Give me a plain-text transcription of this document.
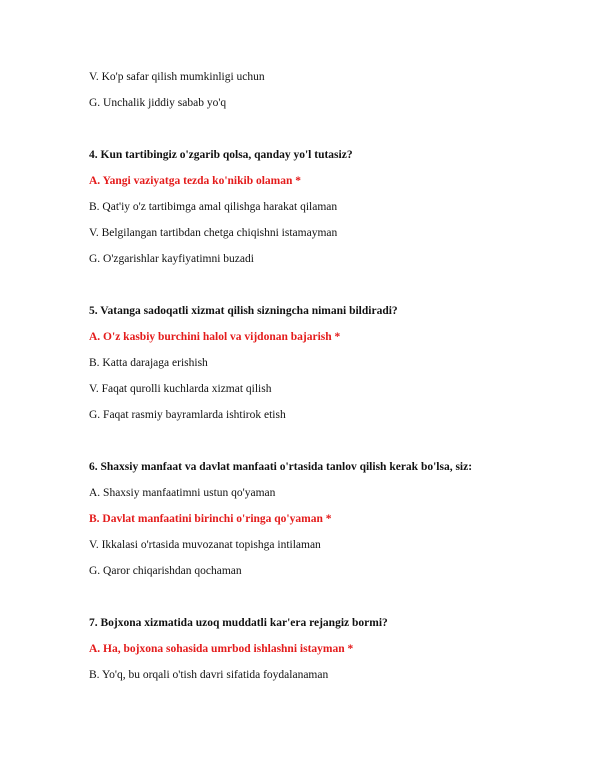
V. Ko'p safar qilish mumkinligi uchun
G. Unchalik jiddiy sabab yo'q
4. Kun tartibingiz o'zgarib qolsa, qanday yo'l tutasiz?
A. Yangi vaziyatga tezda ko'nikib olaman *
B. Qat'iy o'z tartibimga amal qilishga harakat qilaman
V. Belgilangan tartibdan chetga chiqishni istamayman
G. O'zgarishlar kayfiyatimni buzadi
5. Vatanga sadoqatli xizmat qilish sizningcha nimani bildiradi?
A. O'z kasbiy burchini halol va vijdonan bajarish *
B. Katta darajaga erishish
V. Faqat qurolli kuchlarda xizmat qilish
G. Faqat rasmiy bayramlarda ishtirok etish
6. Shaxsiy manfaat va davlat manfaati o'rtasida tanlov qilish kerak bo'lsa, siz:
A. Shaxsiy manfaatimni ustun qo'yaman
B. Davlat manfaatini birinchi o'ringa qo'yaman *
V. Ikkalasi o'rtasida muvozanat topishga intilaman
G. Qaror chiqarishdan qochaman
7. Bojxona xizmatida uzoq muddatli kar'era rejangiz bormi?
A. Ha, bojxona sohasida umrbod ishlashni istayman *
B. Yo'q, bu orqali o'tish davri sifatida foydalanaman
